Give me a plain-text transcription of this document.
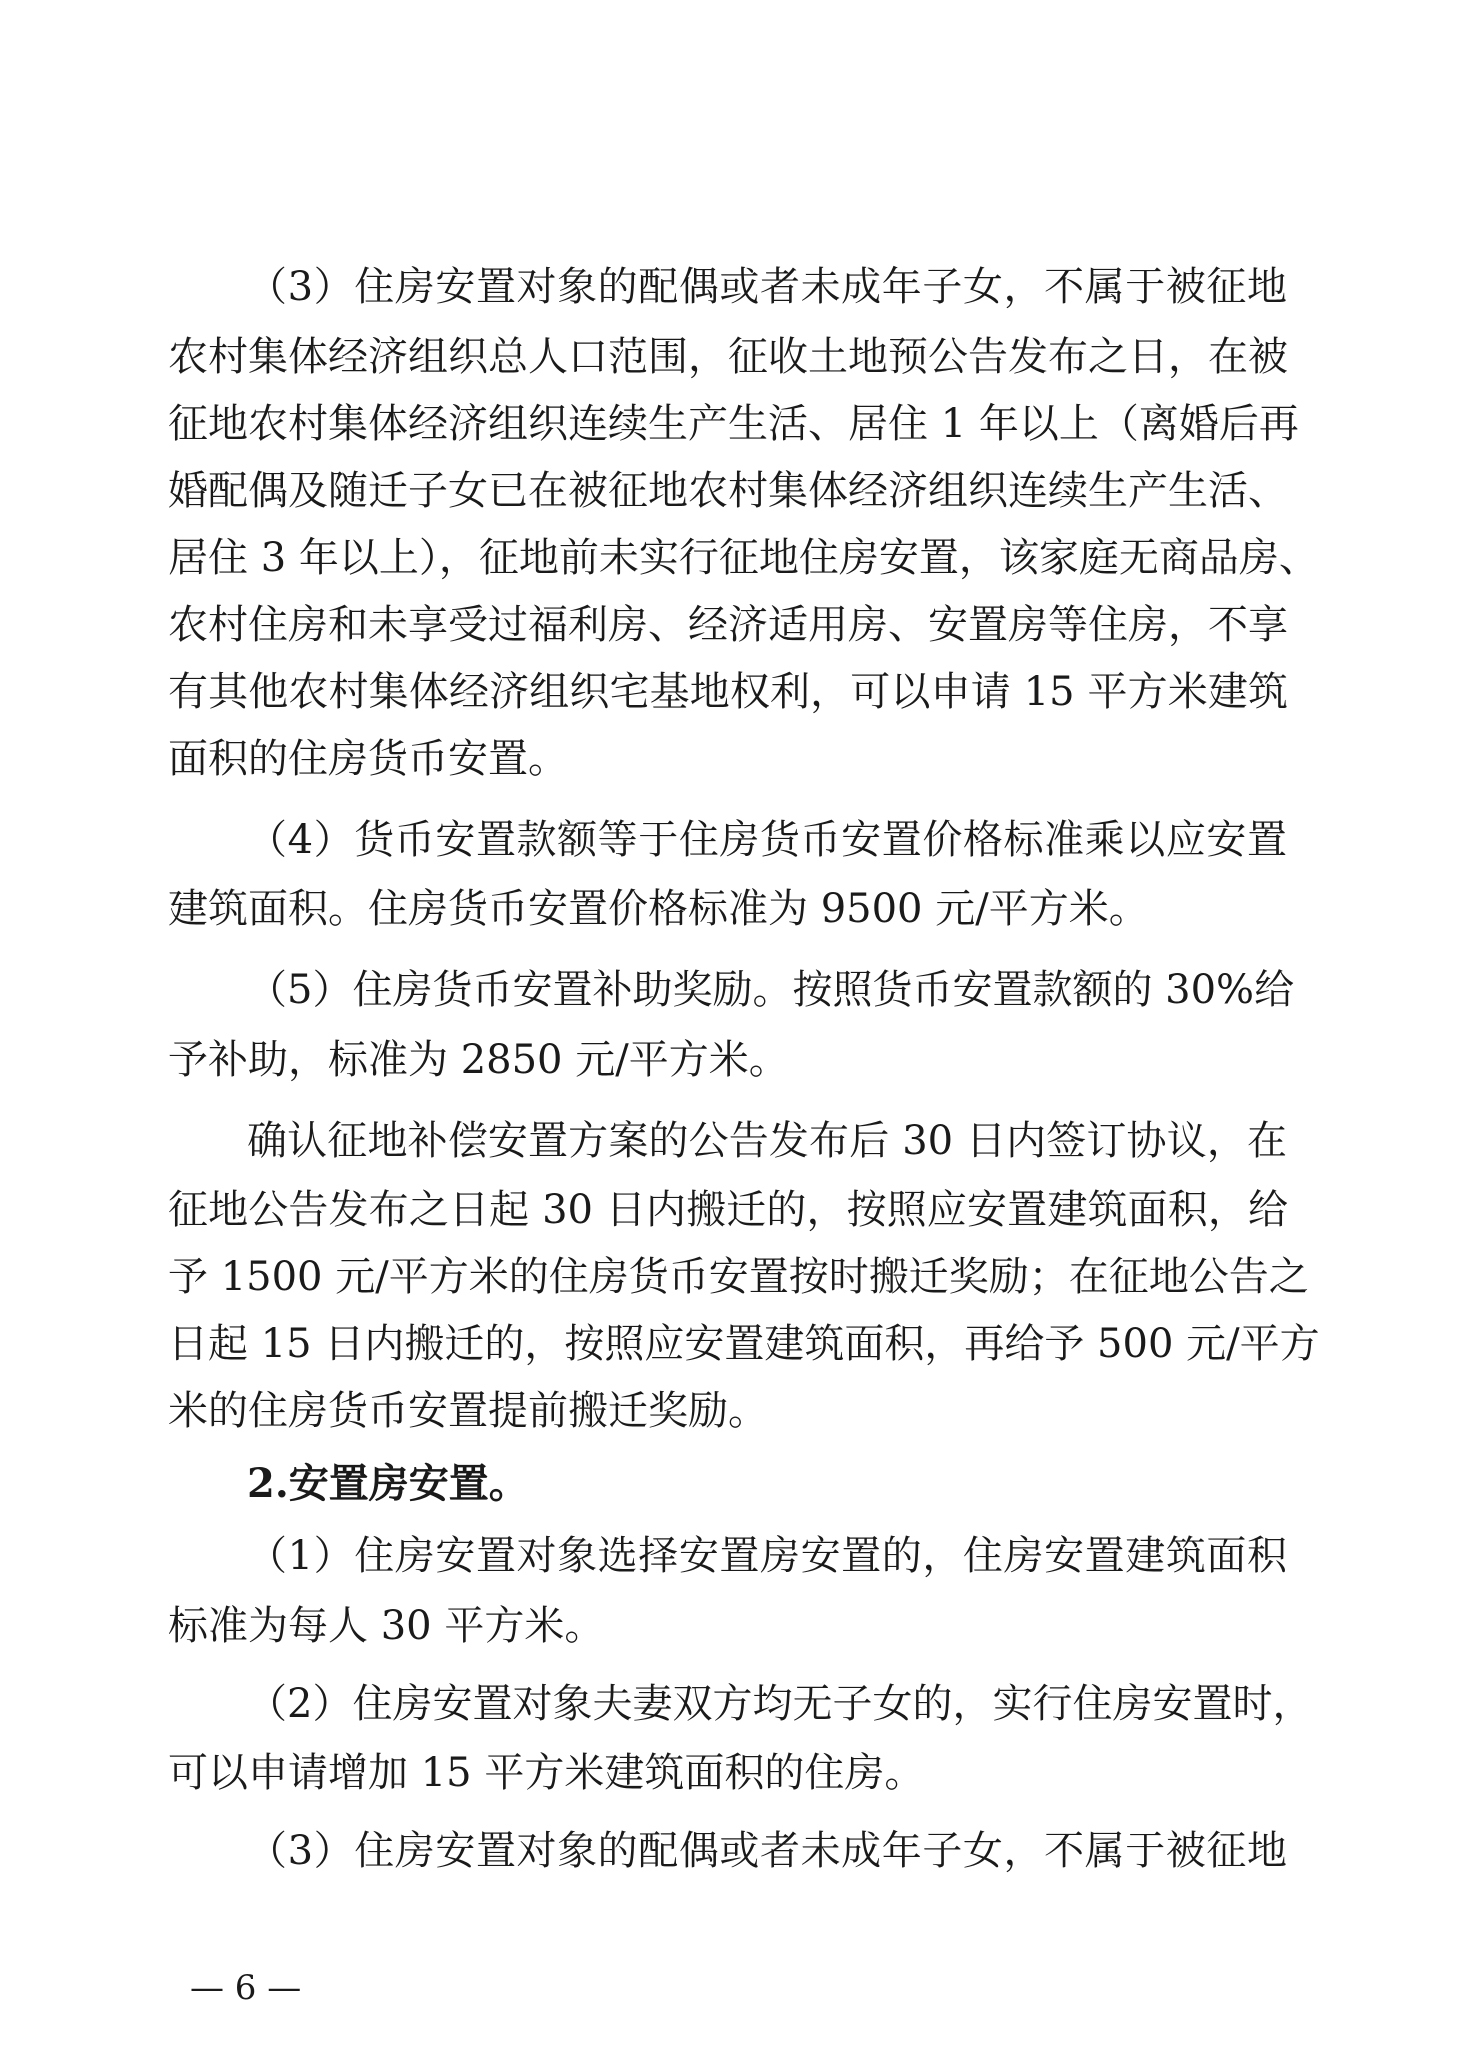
（3）住房安置对象的配偶或者未成年子女，不属于被征地
农村集体经济组织总人口范围，征收土地预公告发布之日，在被
征地农村集体经济组织连续生产生活、居住 1 年以上（离婚后再
婚配偶及随迁子女已在被征地农村集体经济组织连续生产生活、
居住 3 年以上），征地前未实行征地住房安置，该家庭无商品房、
农村住房和未享受过福利房、经济适用房、安置房等住房，不享
有其他农村集体经济组织宅基地权利，可以申请 15 平方米建筑
面积的住房货币安置。
（4）货币安置款额等于住房货币安置价格标准乘以应安置
建筑面积。住房货币安置价格标准为 9500 元/平方米。
（5）住房货币安置补助奖励。按照货币安置款额的 30%给
予补助，标准为 2850 元/平方米。
确认征地补偿安置方案的公告发布后 30 日内签订协议，在
征地公告发布之日起 30 日内搬迁的，按照应安置建筑面积，给
予 1500 元/平方米的住房货币安置按时搬迁奖励；在征地公告之
日起 15 日内搬迁的，按照应安置建筑面积，再给予 500 元/平方
米的住房货币安置提前搬迁奖励。
2.安置房安置。
（1）住房安置对象选择安置房安置的，住房安置建筑面积
标准为每人 30 平方米。
（2）住房安置对象夫妻双方均无子女的，实行住房安置时，
可以申请增加 15 平方米建筑面积的住房。
（3）住房安置对象的配偶或者未成年子女，不属于被征地
— 6 —
